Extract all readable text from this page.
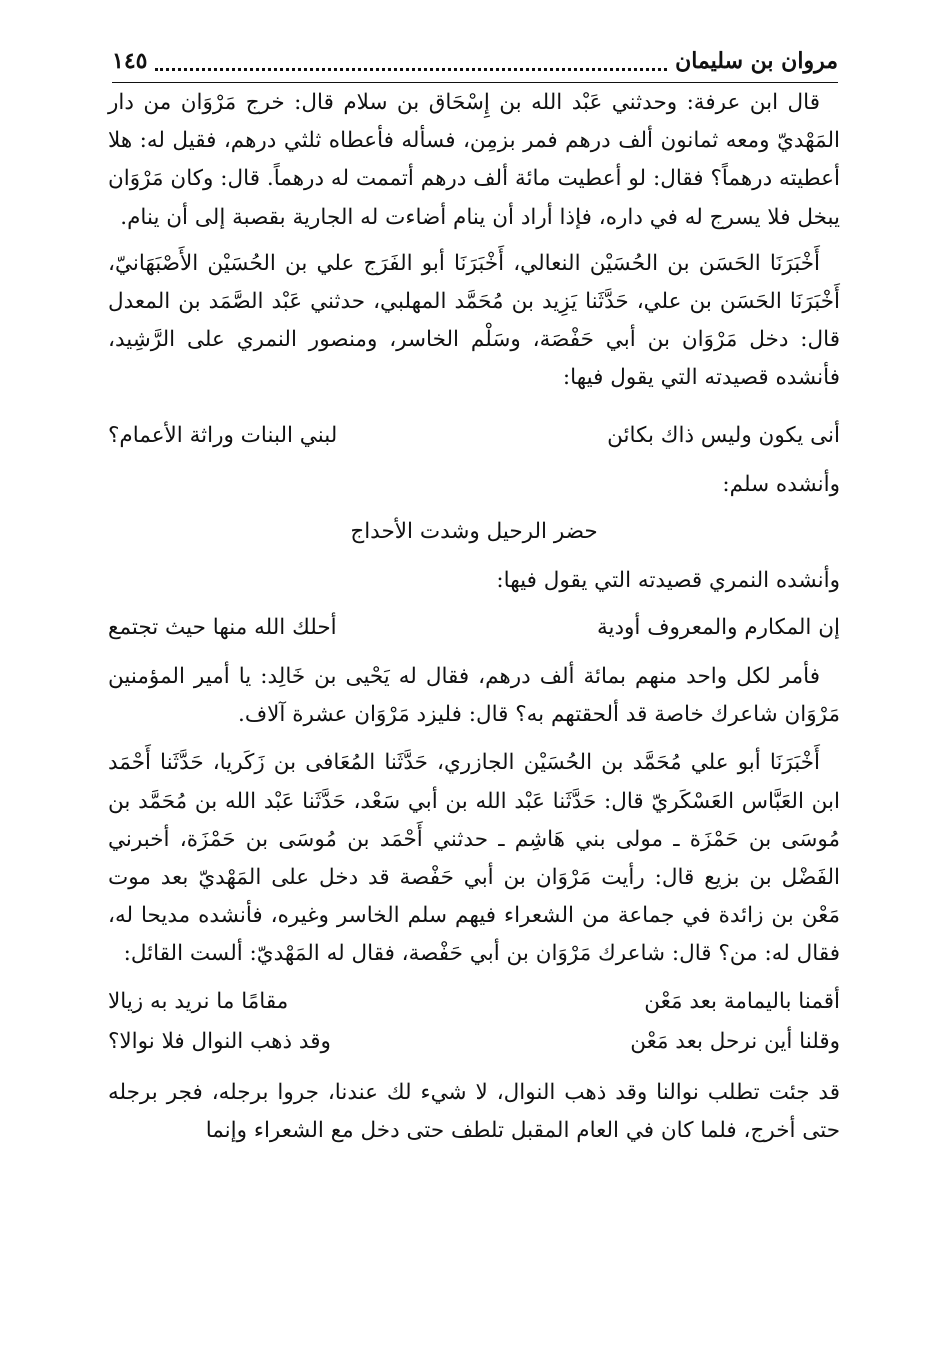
مروان بن سليمان
١٤٥

قال ابن عرفة: وحدثني عَبْد الله بن إِسْحَاق بن سلام قال: خرج مَرْوَان من دار المَهْديّ ومعه ثمانون ألف درهم فمر بزمِن، فسأله فأعطاه ثلثي درهم، فقيل له: هلا أعطيته درهماً؟ فقال: لو أعطيت مائة ألف درهم أتممت له درهماً. قال: وكان مَرْوَان يبخل فلا يسرج له في داره، فإذا أراد أن ينام أضاءت له الجارية بقصبة إلى أن ينام.

أَخْبَرَنَا الحَسَن بن الحُسَيْن النعالي، أَخْبَرَنَا أبو الفَرَج علي بن الحُسَيْن الأَصْبَهَانيّ، أَخْبَرَنَا الحَسَن بن علي، حَدَّثَنا يَزِيد بن مُحَمَّد المهلبي، حدثني عَبْد الصَّمَد بن المعدل قال: دخل مَرْوَان بن أبي حَفْصَة، وسَلْم الخاسر، ومنصور النمري على الرَّشِيد، فأنشده قصيدته التي يقول فيها:

أنى يكون وليس ذاك بكائن
لبني البنات وراثة الأعمام؟

وأنشده سلم:

حضر الرحيل وشدت الأحداج

وأنشده النمري قصيدته التي يقول فيها:

إن المكارم والمعروف أودية
أحلك الله منها حيث تجتمع

فأمر لكل واحد منهم بمائة ألف درهم، فقال له يَحْيى بن خَالِد: يا أمير المؤمنين مَرْوَان شاعرك خاصة قد ألحقتهم به؟ قال: فليزد مَرْوَان عشرة آلاف.

أَخْبَرَنَا أبو علي مُحَمَّد بن الحُسَيْن الجازري، حَدَّثَنا المُعَافى بن زَكَريا، حَدَّثَنا أَحْمَد ابن العَبَّاس العَسْكَريّ قال: حَدَّثَنا عَبْد الله بن أبي سَعْد، حَدَّثَنا عَبْد الله بن مُحَمَّد بن مُوسَى بن حَمْزَة ـ مولى بني هَاشِم ـ حدثني أَحْمَد بن مُوسَى بن حَمْزَة، أخبرني الفَضْل بن بزيع قال: رأيت مَرْوَان بن أبي حَفْصة قد دخل على المَهْديّ بعد موت مَعْن بن زائدة في جماعة من الشعراء فيهم سلم الخاسر وغيره، فأنشده مديحا له، فقال له: من؟ قال: شاعرك مَرْوَان بن أبي حَفْصة، فقال له المَهْديّ: ألست القائل:

أقمنا باليمامة بعد مَعْن
مقامًا ما نريد به زيالا
وقلنا أين نرحل بعد مَعْن
وقد ذهب النوال فلا نوالا؟

قد جئت تطلب نوالنا وقد ذهب النوال، لا شيء لك عندنا، جروا برجله، فجر برجله حتى أخرج، فلما كان في العام المقبل تلطف حتى دخل مع الشعراء وإنما
